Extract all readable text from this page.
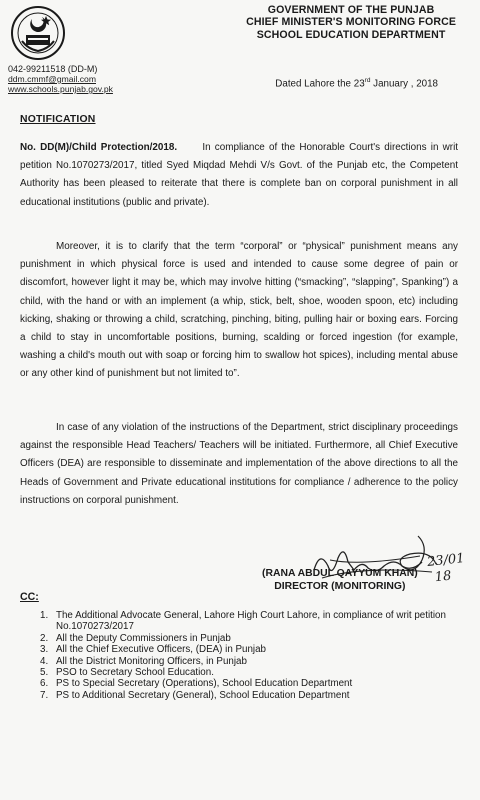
042-99211518 (DD-M)
ddm.cmmf@gmail.com
www.schools.punjab.gov.pk
GOVERNMENT OF THE PUNJAB
CHIEF MINISTER'S MONITORING FORCE
SCHOOL EDUCATION DEPARTMENT
Dated Lahore the 23rd January , 2018
NOTIFICATION
No. DD(M)/Child Protection/2018.	In compliance of the Honorable Court's directions in writ petition No.1070273/2017, titled Syed Miqdad Mehdi V/s Govt. of the Punjab etc, the Competent Authority has been pleased to reiterate that there is complete ban on corporal punishment in all educational institutions (public and private).
Moreover, it is to clarify that the term “corporal” or “physical” punishment means any punishment in which physical force is used and intended to cause some degree of pain or discomfort, however light it may be, which may involve hitting (“smacking”, “slapping”, Spanking”) a child, with the hand or with an implement (a whip, stick, belt, shoe, wooden spoon, etc) including kicking, shaking or throwing a child, scratching, pinching, biting, pulling hair or boxing ears. Forcing a child to stay in uncomfortable positions, burning, scalding or forced ingestion (for example, washing a child's mouth out with soap or forcing him to swallow hot spices), including mental abuse or any other kind of punishment but not limited to”.
In case of any violation of the instructions of the Department, strict disciplinary proceedings against the responsible Head Teachers/ Teachers will be initiated. Furthermore, all Chief Executive Officers (DEA) are responsible to disseminate and implementation of the above directions to all the Heads of Government and Private educational institutions for compliance / adherence to the policy instructions on corporal punishment.
23/01
18
(RANA ABDUL QAYYUM KHAN)
DIRECTOR (MONITORING)
CC:
1. The Additional Advocate General, Lahore High Court Lahore, in compliance of writ petition No.1070273/2017
2. All the Deputy Commissioners in Punjab
3. All the Chief Executive Officers, (DEA) in Punjab
4. All the District Monitoring Officers, in Punjab
5. PSO to Secretary School Education.
6. PS to Special Secretary (Operations), School Education Department
7. PS to Additional Secretary (General), School Education Department
